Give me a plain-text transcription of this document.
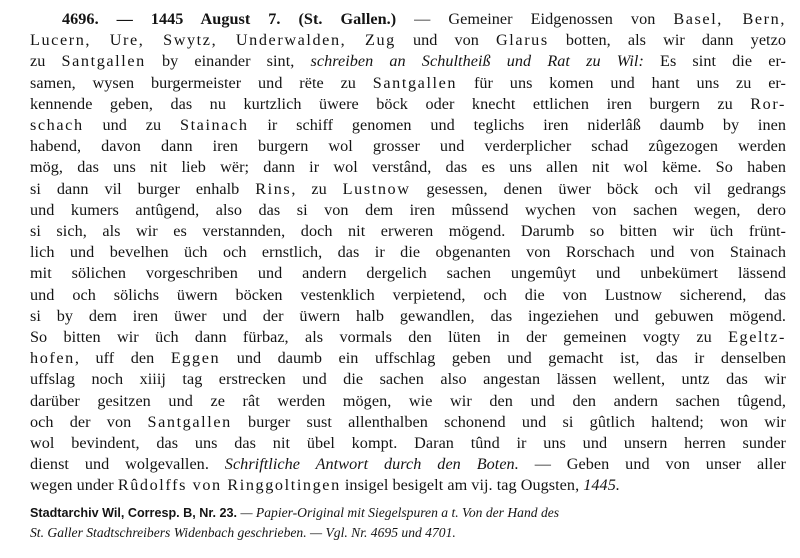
4696. — 1445 August 7. (St. Gallen.) — Gemeiner Eidgenossen von Basel, Bern,
Lucern, Ure, Swytz, Underwalden, Zug und von Glarus botten, als wir dann yetzo
zu Santgallen by einander sint, schreiben an Schultheiß und Rat zu Wil: Es sint die er-
samen, wysen burgermeister und rëte zu Santgallen für uns komen und hant uns zu er-
kennende geben, das nu kurtzlich üwere böck oder knecht ettlichen iren burgern zu Ror-
schach und zu Stainach ir schiff genomen und teglichs iren niderlâß daumb by inen
habend, davon dann iren burgern wol grosser und verderplicher schad zûgezogen werden
mög, das uns nit lieb wër; dann ir wol verstând, das es uns allen nit wol këme. So haben
si dann vil burger enhalb Rins, zu Lustnow gesessen, denen üwer böck och vil gedrangs
und kumers antûgend, also das si von dem iren mûssend wychen von sachen wegen, dero
si sich, als wir es verstannden, doch nit erweren mögend. Darumb so bitten wir üch frünt-
lich und bevelhen üch och ernstlich, das ir die obgenanten von Rorschach und von Stainach
mit sölichen vorgeschriben und andern dergelich sachen ungemûyt und unbekümert lässend
und och sölichs üwern böcken vestenklich verpietend, och die von Lustnow sicherend, das
si by dem iren üwer und der üwern halb gewandlen, das ingeziehen und gebuwen mögend.
So bitten wir üch dann fürbaz, als vormals den lüten in der gemeinen vogty zu Egeltz-
hofen, uff den Eggen und daumb ein uffschlag geben und gemacht ist, das ir denselben
uffslag noch xiiij tag erstrecken und die sachen also angestan lässen wellent, untz das wir
darüber gesitzen und ze rât werden mögen, wie wir den und den andern sachen tûgend,
och der von Santgallen burger sust allenthalben schonend und si gûtlich haltend; won wir
wol bevindent, das uns das nit übel kompt. Daran tûnd ir uns und unsern herren sunder
dienst und wolgevallen. Schriftliche Antwort durch den Boten. — Geben und von unser aller
wegen under Rûdolffs von Ringgoltingen insigel besigelt am vij. tag Ougsten, 1445.
Stadtarchiv Wil, Corresp. B, Nr. 23. — Papier-Original mit Siegelspuren a t. Von der Hand des
St. Galler Stadtschreibers Widenbach geschrieben. — Vgl. Nr. 4695 und 4701.
